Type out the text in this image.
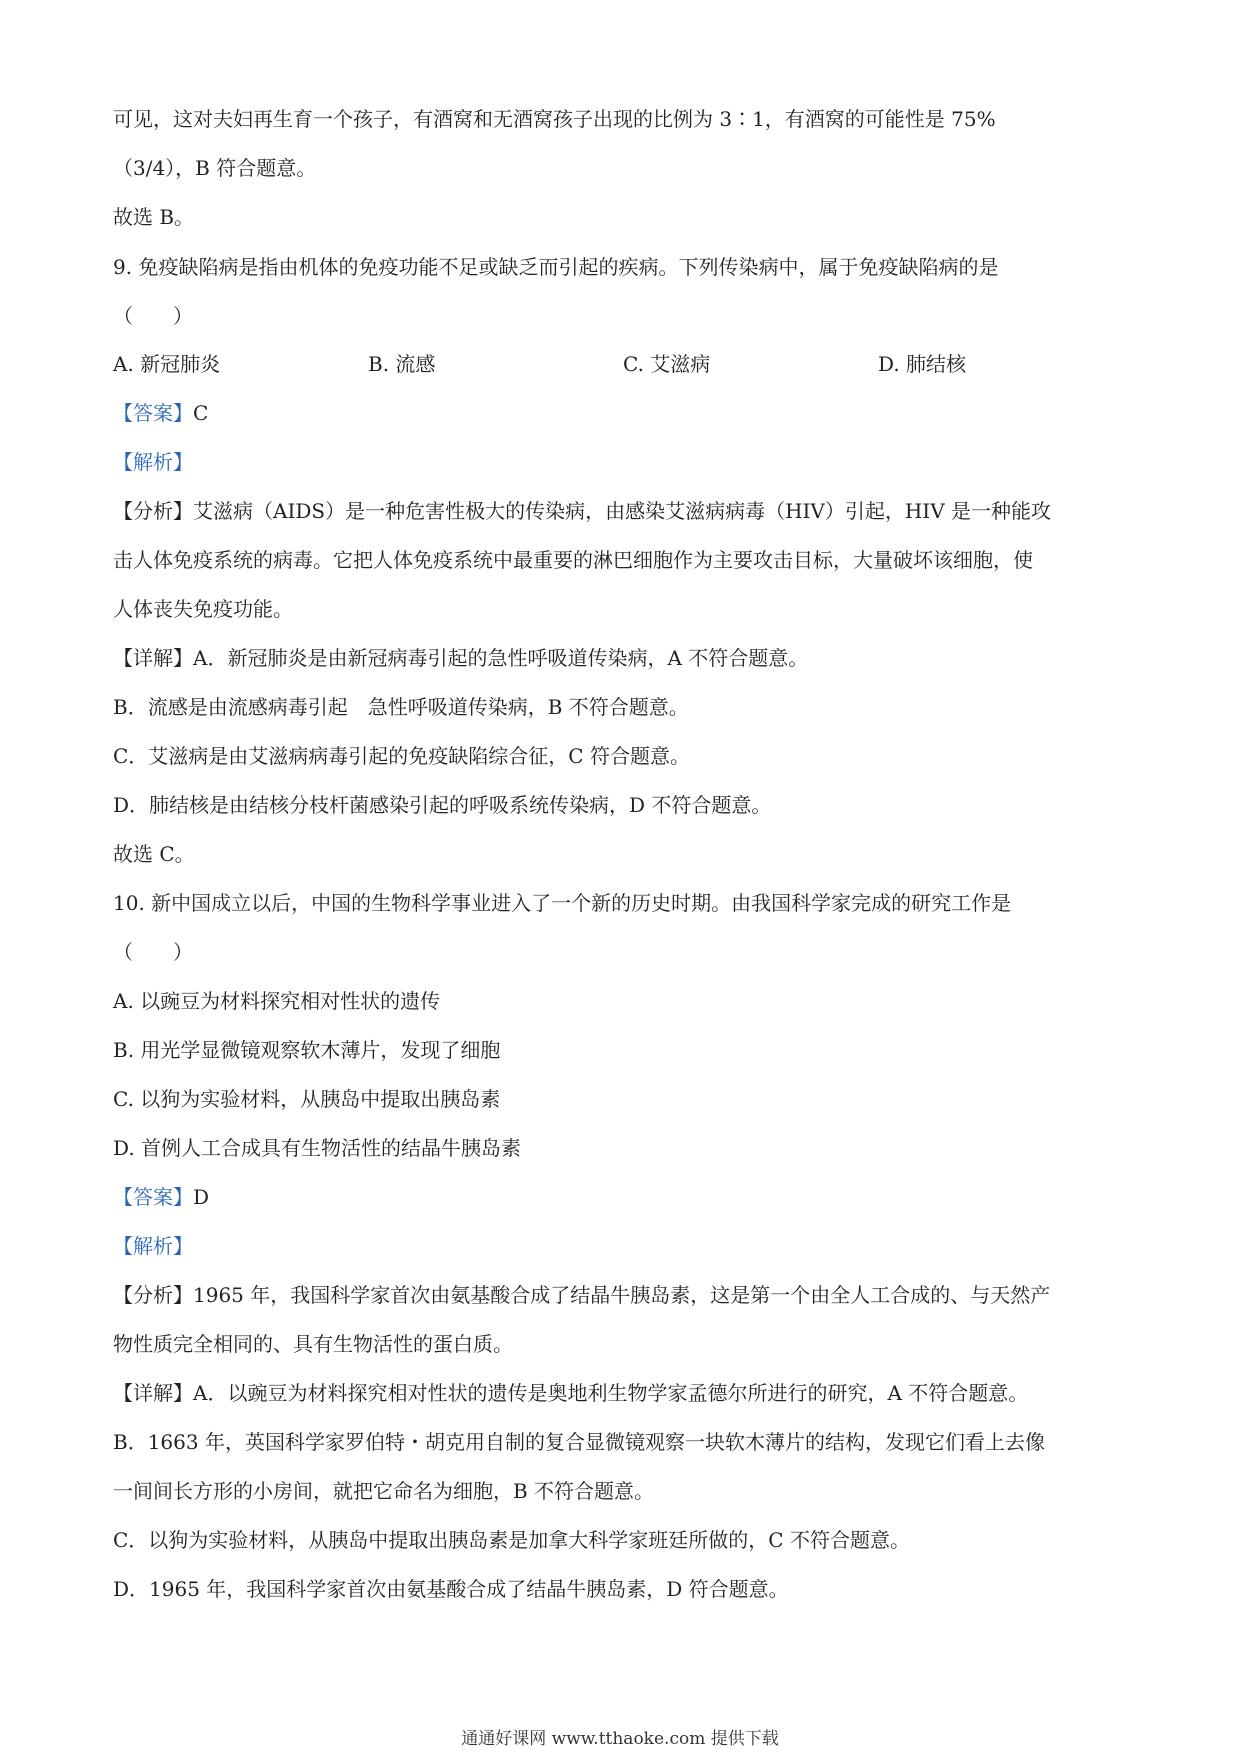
可见，这对夫妇再生育一个孩子，有酒窝和无酒窝孩子出现的比例为 3∶1，有酒窝的可能性是 75%
（3/4），B 符合题意。
故选 B。
9. 免疫缺陷病是指由机体的免疫功能不足或缺乏而引起的疾病。下列传染病中，属于免疫缺陷病的是
（　　）
A. 新冠肺炎	B. 流感	C. 艾滋病	D. 肺结核
【答案】C
【解析】
【分析】艾滋病（AIDS）是一种危害性极大的传染病，由感染艾滋病病毒（HIV）引起，HIV 是一种能攻
击人体免疫系统的病毒。它把人体免疫系统中最重要的淋巴细胞作为主要攻击目标，大量破坏该细胞，使
人体丧失免疫功能。
【详解】A．新冠肺炎是由新冠病毒引起的急性呼吸道传染病，A 不符合题意。
B．流感是由流感病毒引起　急性呼吸道传染病，B 不符合题意。
C．艾滋病是由艾滋病病毒引起的免疫缺陷综合征，C 符合题意。
D．肺结核是由结核分枝杆菌感染引起的呼吸系统传染病，D 不符合题意。
故选 C。
10. 新中国成立以后，中国的生物科学事业进入了一个新的历史时期。由我国科学家完成的研究工作是
（　　）
A. 以豌豆为材料探究相对性状的遗传
B. 用光学显微镜观察软木薄片，发现了细胞
C. 以狗为实验材料，从胰岛中提取出胰岛素
D. 首例人工合成具有生物活性的结晶牛胰岛素
【答案】D
【解析】
【分析】1965 年，我国科学家首次由氨基酸合成了结晶牛胰岛素，这是第一个由全人工合成的、与天然产
物性质完全相同的、具有生物活性的蛋白质。
【详解】A．以豌豆为材料探究相对性状的遗传是奥地利生物学家孟德尔所进行的研究，A 不符合题意。
B．1663 年，英国科学家罗伯特・胡克用自制的复合显微镜观察一块软木薄片的结构，发现它们看上去像
一间间长方形的小房间，就把它命名为细胞，B 不符合题意。
C．以狗为实验材料，从胰岛中提取出胰岛素是加拿大科学家班廷所做的，C 不符合题意。
D．1965 年，我国科学家首次由氨基酸合成了结晶牛胰岛素，D 符合题意。
通通好课网 www.tthaoke.com 提供下载
